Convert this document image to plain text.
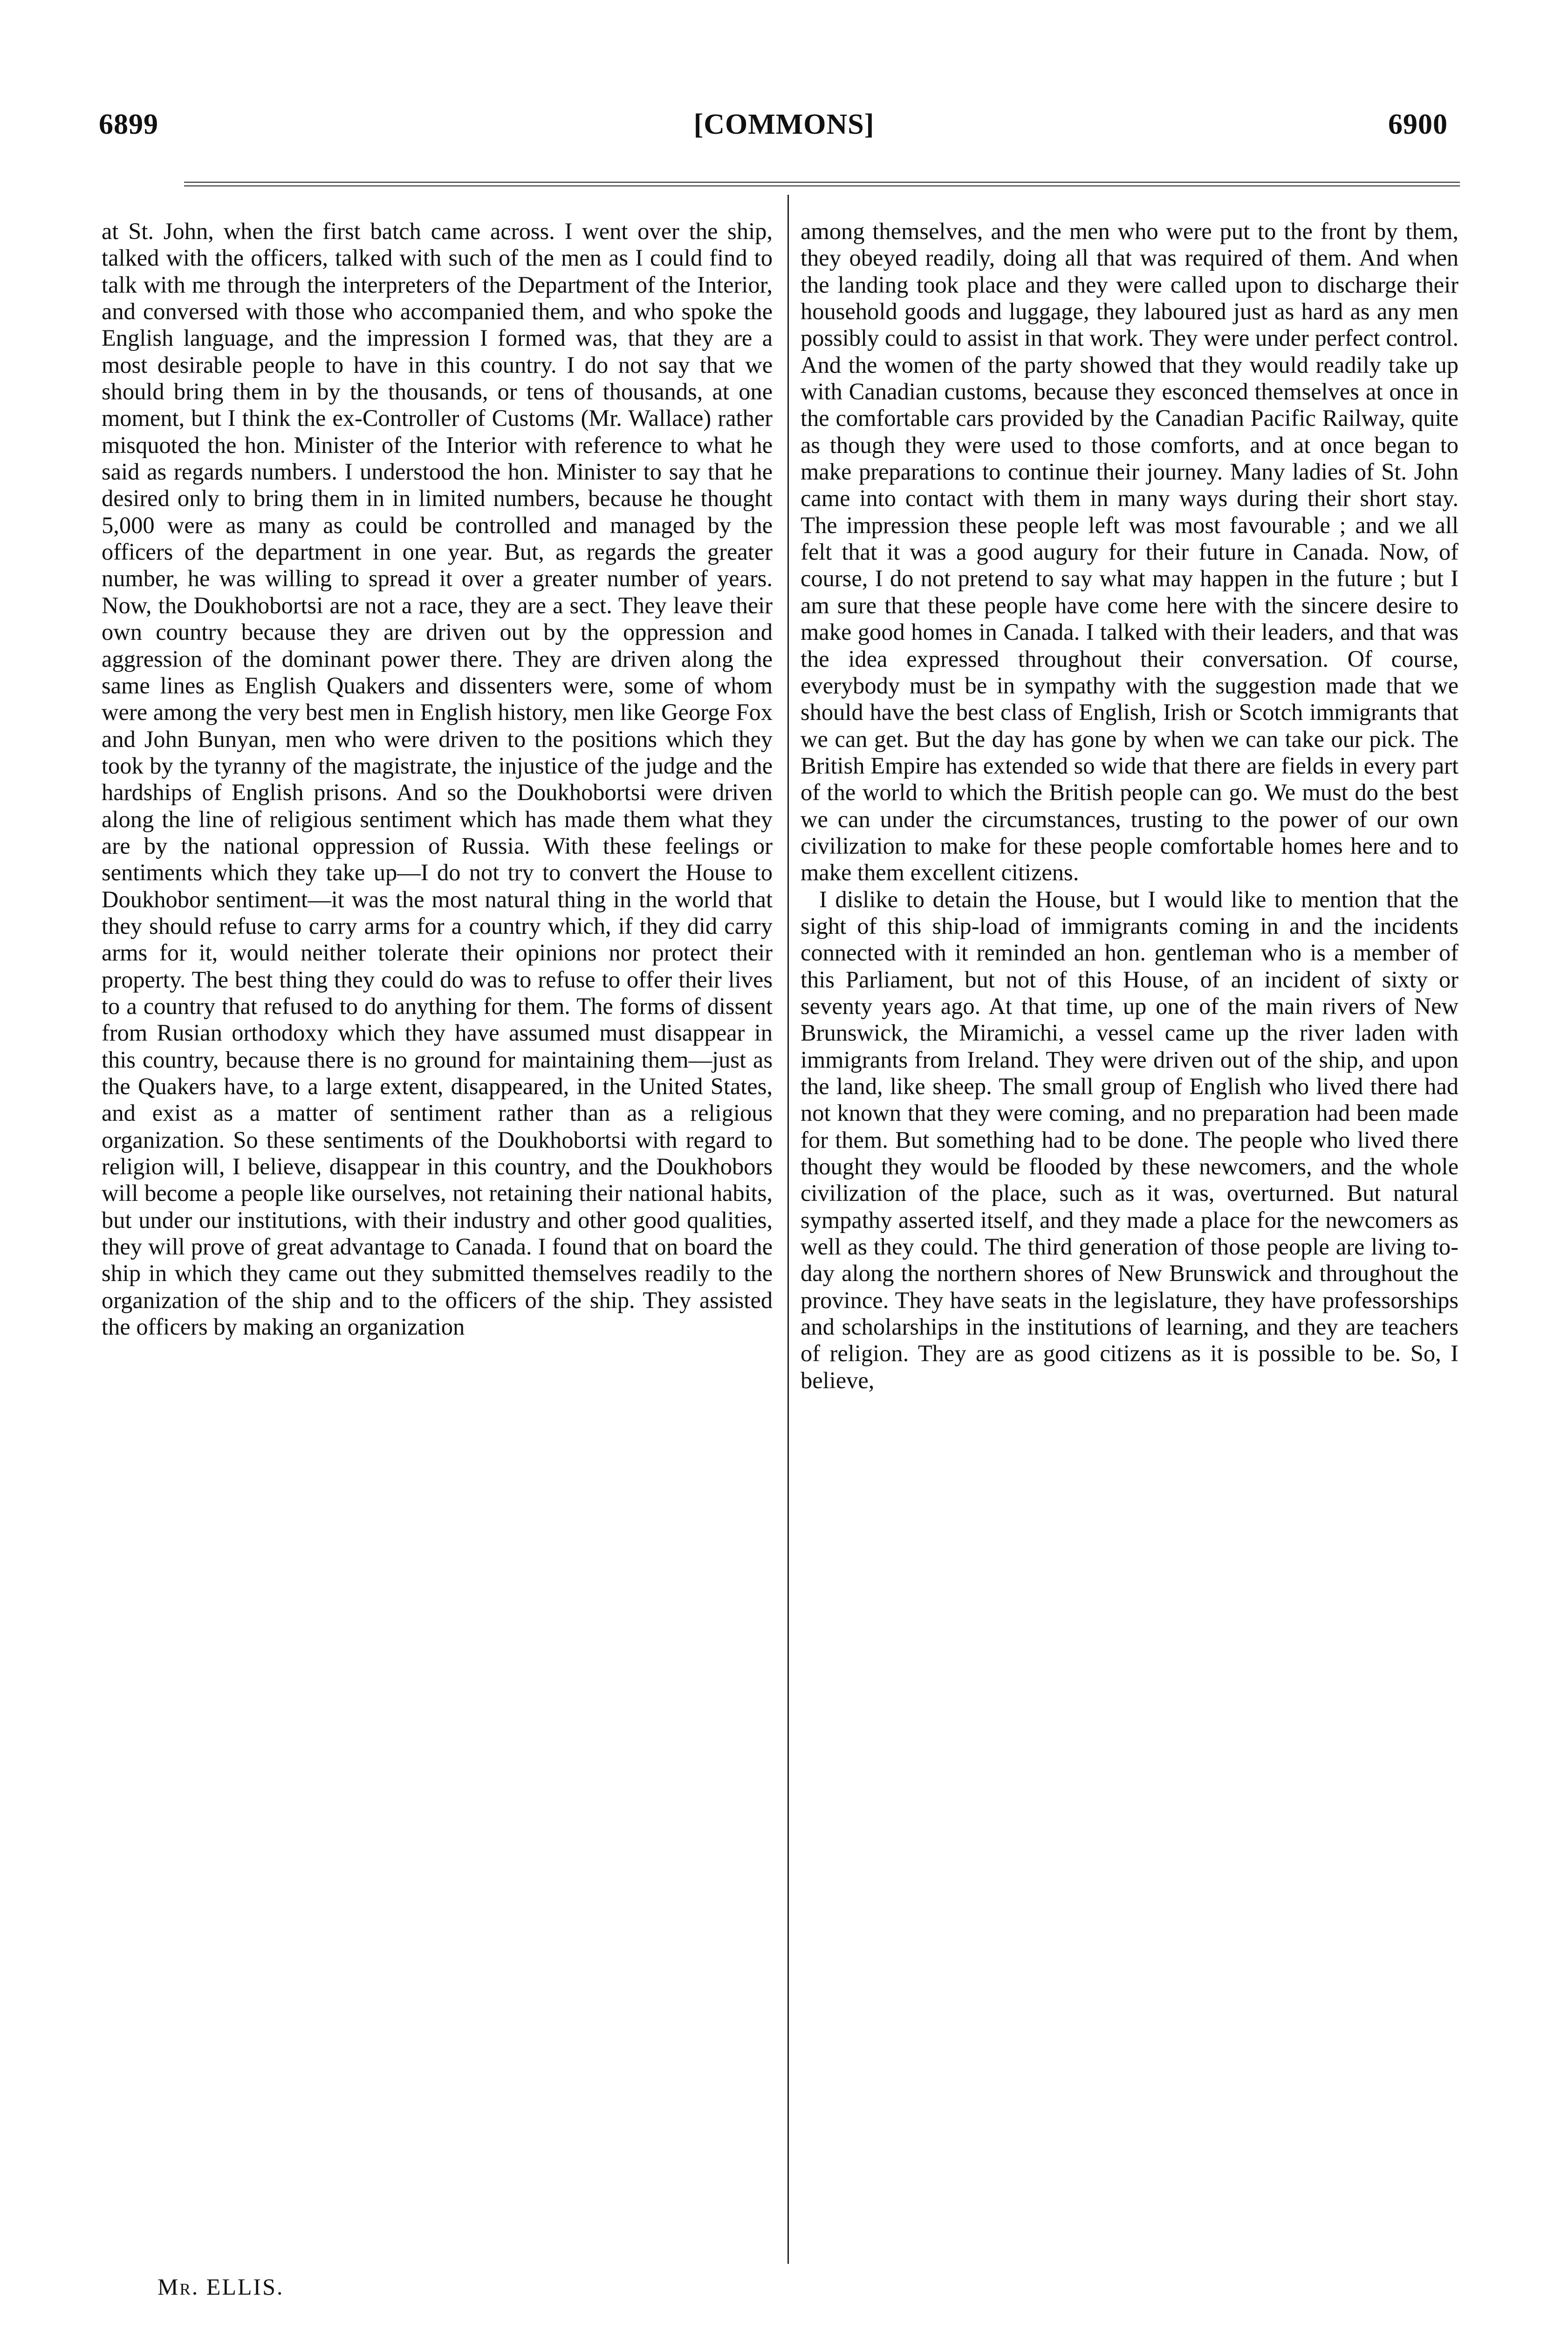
6899	[COMMONS]	6900

at St. John, when the first batch came across. I went over the ship, talked with the officers, talked with such of the men as I could find to talk with me through the interpreters of the Department of the Interior, and conversed with those who accompanied them, and who spoke the English language, and the impression I formed was, that they are a most desirable people to have in this country. I do not say that we should bring them in by the thousands, or tens of thousands, at one moment, but I think the ex-Controller of Customs (Mr. Wallace) rather misquoted the hon. Minister of the Interior with reference to what he said as regards numbers. I understood the hon. Minister to say that he desired only to bring them in in limited numbers, because he thought 5,000 were as many as could be controlled and managed by the officers of the department in one year. But, as regards the greater number, he was willing to spread it over a greater number of years. Now, the Doukhobortsi are not a race, they are a sect. They leave their own country because they are driven out by the oppression and aggression of the dominant power there. They are driven along the same lines as English Quakers and dissenters were, some of whom were among the very best men in English history, men like George Fox and John Bunyan, men who were driven to the positions which they took by the tyranny of the magistrate, the injustice of the judge and the hardships of English prisons. And so the Doukhobortsi were driven along the line of religious sentiment which has made them what they are by the national oppression of Russia. With these feelings or sentiments which they take up—I do not try to convert the House to Doukhobor sentiment—it was the most natural thing in the world that they should refuse to carry arms for a country which, if they did carry arms for it, would neither tolerate their opinions nor protect their property. The best thing they could do was to refuse to offer their lives to a country that refused to do anything for them. The forms of dissent from Rusian orthodoxy which they have assumed must disappear in this country, because there is no ground for maintaining them—just as the Quakers have, to a large extent, disappeared, in the United States, and exist as a matter of sentiment rather than as a religious organization. So these sentiments of the Doukhobortsi with regard to religion will, I believe, disappear in this country, and the Doukhobors will become a people like ourselves, not retaining their national habits, but under our institutions, with their industry and other good qualities, they will prove of great advantage to Canada. I found that on board the ship in which they came out they submitted themselves readily to the organization of the ship and to the officers of the ship. They assisted the officers by making an organization

among themselves, and the men who were put to the front by them, they obeyed readily, doing all that was required of them. And when the landing took place and they were called upon to discharge their household goods and luggage, they laboured just as hard as any men possibly could to assist in that work. They were under perfect control. And the women of the party showed that they would readily take up with Canadian customs, because they esconced themselves at once in the comfortable cars provided by the Canadian Pacific Railway, quite as though they were used to those comforts, and at once began to make preparations to continue their journey. Many ladies of St. John came into contact with them in many ways during their short stay. The impression these people left was most favourable ; and we all felt that it was a good augury for their future in Canada. Now, of course, I do not pretend to say what may happen in the future ; but I am sure that these people have come here with the sincere desire to make good homes in Canada. I talked with their leaders, and that was the idea expressed throughout their conversation. Of course, everybody must be in sympathy with the suggestion made that we should have the best class of English, Irish or Scotch immigrants that we can get. But the day has gone by when we can take our pick. The British Empire has extended so wide that there are fields in every part of the world to which the British people can go. We must do the best we can under the circumstances, trusting to the power of our own civilization to make for these people comfortable homes here and to make them excellent citizens.

I dislike to detain the House, but I would like to mention that the sight of this ship-load of immigrants coming in and the incidents connected with it reminded an hon. gentleman who is a member of this Parliament, but not of this House, of an incident of sixty or seventy years ago. At that time, up one of the main rivers of New Brunswick, the Miramichi, a vessel came up the river laden with immigrants from Ireland. They were driven out of the ship, and upon the land, like sheep. The small group of English who lived there had not known that they were coming, and no preparation had been made for them. But something had to be done. The people who lived there thought they would be flooded by these newcomers, and the whole civilization of the place, such as it was, overturned. But natural sympathy asserted itself, and they made a place for the newcomers as well as they could. The third generation of those people are living to-day along the northern shores of New Brunswick and throughout the province. They have seats in the legislature, they have professorships and scholarships in the institutions of learning, and they are teachers of religion. They are as good citizens as it is possible to be. So, I believe,

Mr. ELLIS.
